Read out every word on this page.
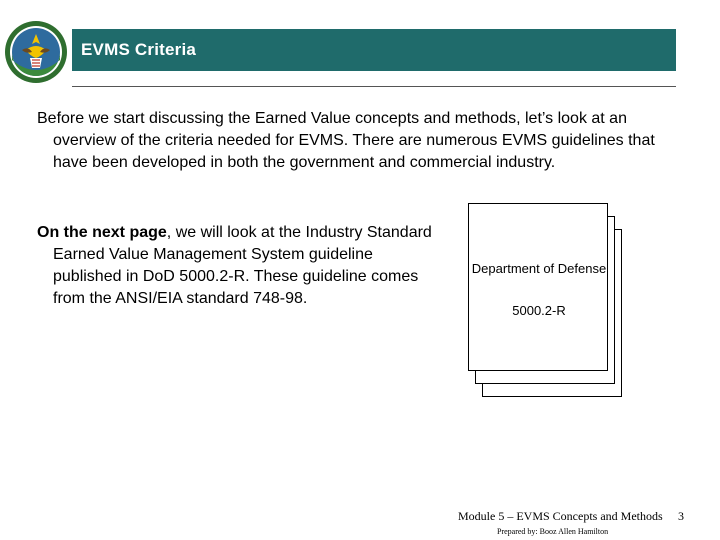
EVMS Criteria

Before we start discussing the Earned Value concepts and methods, let’s look at an overview of the criteria needed for EVMS. There are numerous EVMS guidelines that have been developed in both the government and commercial industry.

On the next page, we will look at the Industry Standard Earned Value Management System guideline published in DoD 5000.2-R. These guideline comes from the ANSI/EIA standard 748-98.

Department of Defense
5000.2-R
Module 5 – EVMS Concepts and Methods
Prepared by: Booz Allen Hamilton
3
